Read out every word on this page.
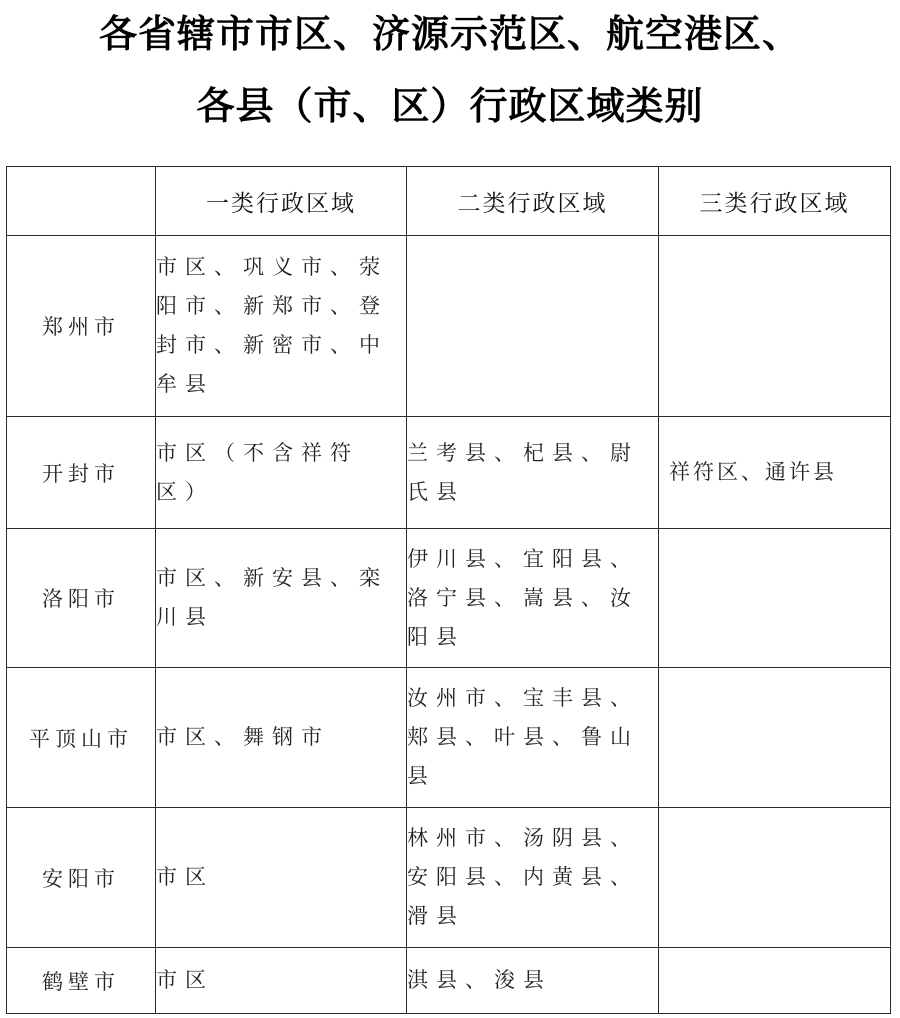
各省辖市市区、济源示范区、航空港区、
各县（市、区）行政区域类别
	一类行政区域	二类行政区域	三类行政区域
郑州市	市区、巩义市、荥阳市、新郑市、登封市、新密市、中牟县		
开封市	市区（不含祥符区）	兰考县、杞县、尉氏县	祥符区、通许县
洛阳市	市区、新安县、栾川县	伊川县、宜阳县、洛宁县、嵩县、汝阳县	
平顶山市	市区、舞钢市	汝州市、宝丰县、郏县、叶县、鲁山县	
安阳市	市区	林州市、汤阴县、安阳县、内黄县、滑县	
鹤壁市	市区	淇县、浚县	
